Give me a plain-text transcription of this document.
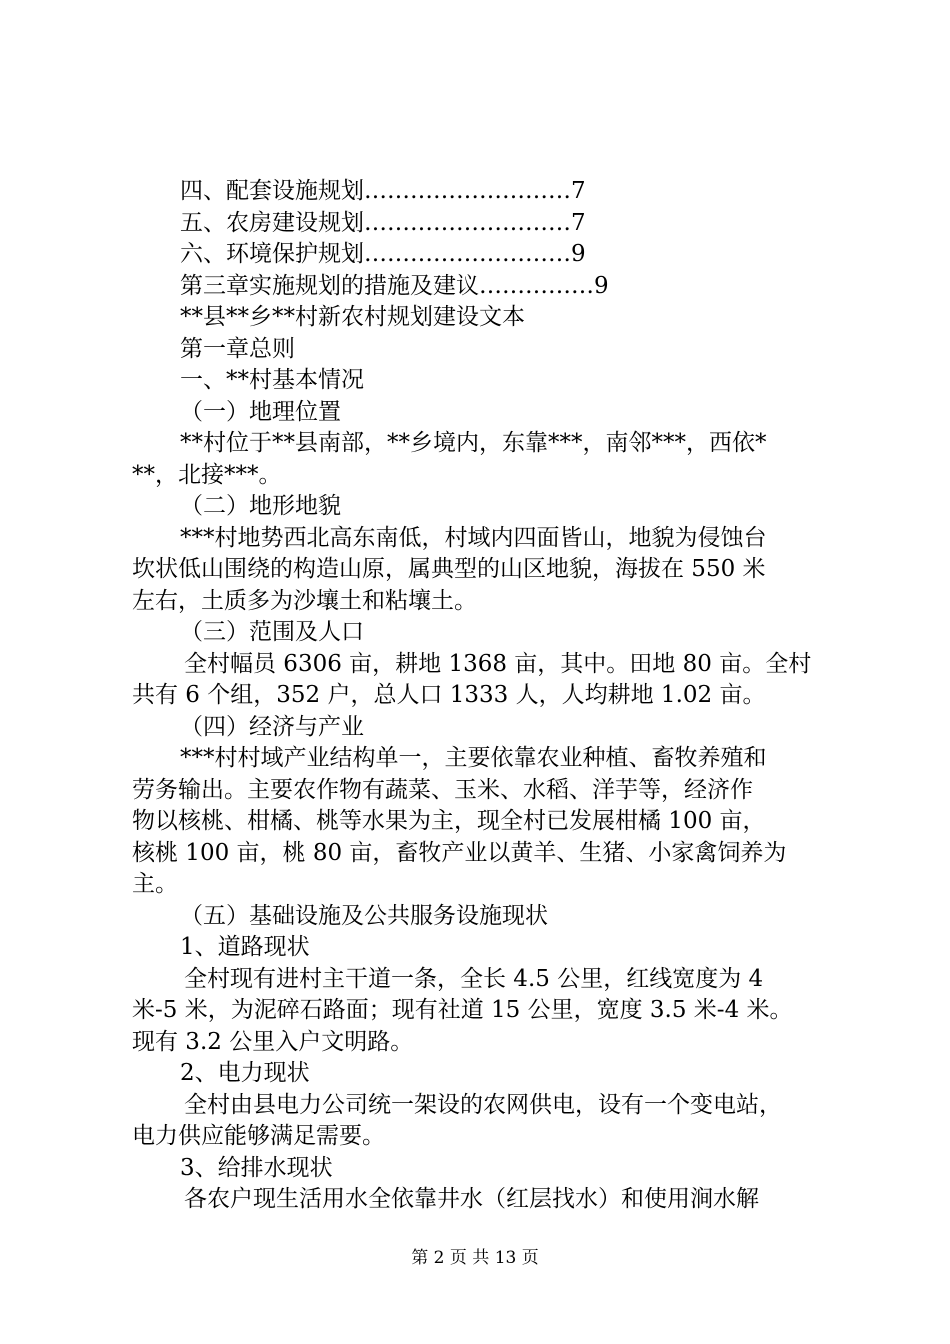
四、配套设施规划………………………7
五、农房建设规划………………………7
六、环境保护规划………………………9
第三章实施规划的措施及建议……………9
**县**乡**村新农村规划建设文本
第一章总则
一、**村基本情况
（一）地理位置
**村位于**县南部，**乡境内，东靠***，南邻***，西依*
**，北接***。
（二）地形地貌
***村地势西北高东南低，村域内四面皆山，地貌为侵蚀台
坎状低山围绕的构造山原，属典型的山区地貌，海拔在 550 米
左右，土质多为沙壤土和粘壤土。
（三）范围及人口
全村幅员 6306 亩，耕地 1368 亩，其中。田地 80 亩。全村
共有 6 个组，352 户，总人口 1333 人，人均耕地 1.02 亩。
（四）经济与产业
***村村域产业结构单一，主要依靠农业种植、畜牧养殖和
劳务输出。主要农作物有蔬菜、玉米、水稻、洋芋等，经济作
物以核桃、柑橘、桃等水果为主，现全村已发展柑橘 100 亩，
核桃 100 亩，桃 80 亩，畜牧产业以黄羊、生猪、小家禽饲养为
主。
（五）基础设施及公共服务设施现状
1、道路现状
全村现有进村主干道一条，全长 4.5 公里，红线宽度为 4
米-5 米，为泥碎石路面；现有社道 15 公里，宽度 3.5 米-4 米。
现有 3.2 公里入户文明路。
2、电力现状
全村由县电力公司统一架设的农网供电，设有一个变电站，
电力供应能够满足需要。
3、给排水现状
各农户现生活用水全依靠井水（红层找水）和使用涧水解
第 2 页 共 13 页
